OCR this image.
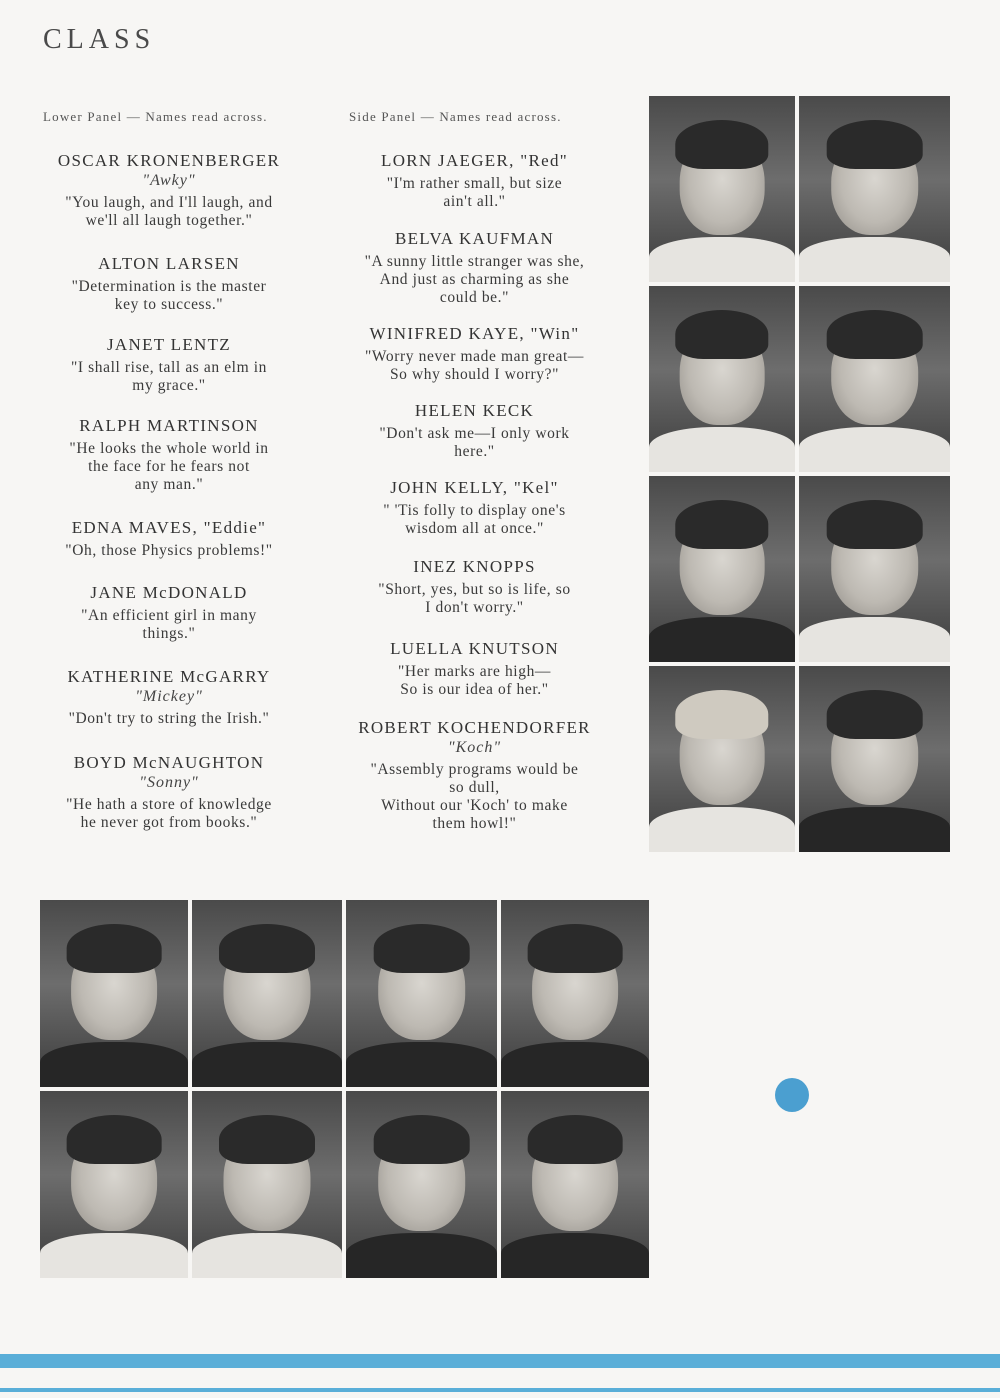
CLASS
Lower Panel — Names read across.	Side Panel — Names read across.
OSCAR KRONENBERGER
"Awky"
"You laugh, and I'll laugh, and
we'll all laugh together."
ALTON LARSEN
"Determination is the master
key to success."
JANET LENTZ
"I shall rise, tall as an elm in
my grace."
RALPH MARTINSON
"He looks the whole world in
the face for he fears not
any man."
EDNA MAVES, "Eddie"
"Oh, those Physics problems!"
JANE McDONALD
"An efficient girl in many
things."
KATHERINE McGARRY
"Mickey"
"Don't try to string the Irish."
BOYD McNAUGHTON
"Sonny"
"He hath a store of knowledge
he never got from books."
LORN JAEGER, "Red"
"I'm rather small, but size
ain't all."
BELVA KAUFMAN
"A sunny little stranger was she,
And just as charming as she
could be."
WINIFRED KAYE, "Win"
"Worry never made man great—
So why should I worry?"
HELEN KECK
"Don't ask me—I only work
here."
JOHN KELLY, "Kel"
" 'Tis folly to display one's
wisdom all at once."
INEZ KNOPPS
"Short, yes, but so is life, so
I don't worry."
LUELLA KNUTSON
"Her marks are high—
So is our idea of her."
ROBERT KOCHENDORFER
"Koch"
"Assembly programs would be
so dull,
Without our 'Koch' to make
them howl!"
